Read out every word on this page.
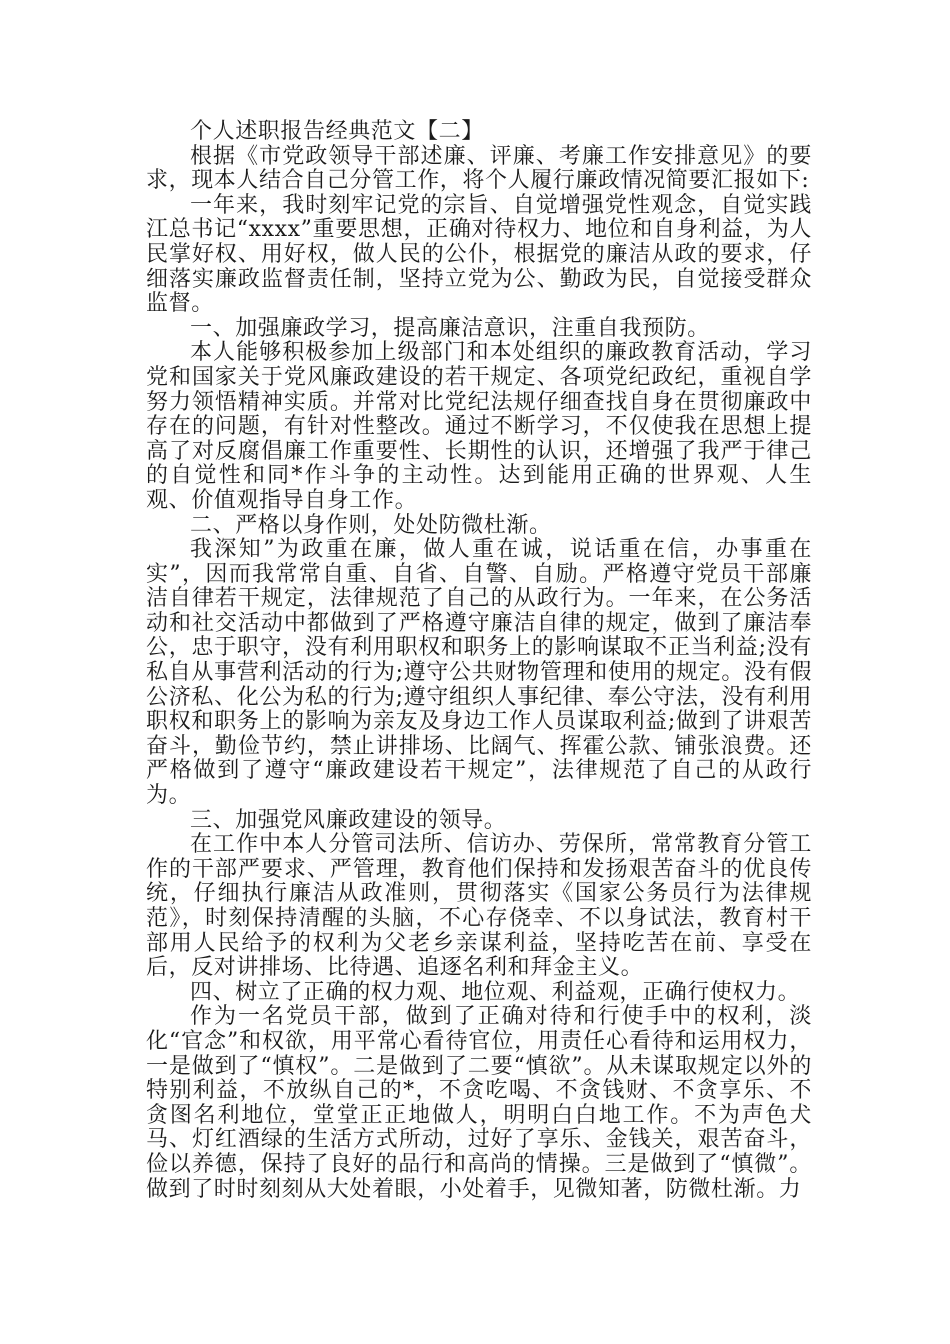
个人述职报告经典范文【二】

根据《市党政领导干部述廉、评廉、考廉工作安排意见》的要求，现本人结合自己分管工作，将个人履行廉政情况简要汇报如下:

一年来，我时刻牢记党的宗旨、自觉增强党性观念，自觉实践江总书记“xxxx”重要思想，正确对待权力、地位和自身利益，为人民掌好权、用好权，做人民的公仆，根据党的廉洁从政的要求，仔细落实廉政监督责任制，坚持立党为公、勤政为民，自觉接受群众监督。

一、加强廉政学习，提高廉洁意识，注重自我预防。

本人能够积极参加上级部门和本处组织的廉政教育活动，学习党和国家关于党风廉政建设的若干规定、各项党纪政纪，重视自学努力领悟精神实质。并常对比党纪法规仔细查找自身在贯彻廉政中存在的问题，有针对性整改。通过不断学习，不仅使我在思想上提高了对反腐倡廉工作重要性、长期性的认识，还增强了我严于律己的自觉性和同*作斗争的主动性。达到能用正确的世界观、人生观、价值观指导自身工作。

二、严格以身作则，处处防微杜渐。

我深知”为政重在廉，做人重在诚，说话重在信，办事重在实”，因而我常常自重、自省、自警、自励。严格遵守党员干部廉洁自律若干规定，法律规范了自己的从政行为。一年来，在公务活动和社交活动中都做到了严格遵守廉洁自律的规定，做到了廉洁奉公，忠于职守，没有利用职权和职务上的影响谋取不正当利益;没有私自从事营利活动的行为;遵守公共财物管理和使用的规定。没有假公济私、化公为私的行为;遵守组织人事纪律、奉公守法，没有利用职权和职务上的影响为亲友及身边工作人员谋取利益;做到了讲艰苦奋斗，勤俭节约，禁止讲排场、比阔气、挥霍公款、铺张浪费。还严格做到了遵守“廉政建设若干规定”，法律规范了自己的从政行为。

三、加强党风廉政建设的领导。

在工作中本人分管司法所、信访办、劳保所，常常教育分管工作的干部严要求、严管理，教育他们保持和发扬艰苦奋斗的优良传统，仔细执行廉洁从政准则，贯彻落实《国家公务员行为法律规范》，时刻保持清醒的头脑，不心存侥幸、不以身试法，教育村干部用人民给予的权利为父老乡亲谋利益，坚持吃苦在前、享受在后，反对讲排场、比待遇、追逐名利和拜金主义。

四、树立了正确的权力观、地位观、利益观，正确行使权力。

作为一名党员干部，做到了正确对待和行使手中的权利，淡化“官念”和权欲，用平常心看待官位，用责任心看待和运用权力，一是做到了“慎权”。二是做到了二要“慎欲”。从未谋取规定以外的特别利益，不放纵自己的*，不贪吃喝、不贪钱财、不贪享乐、不贪图名利地位，堂堂正正地做人，明明白白地工作。不为声色犬马、灯红酒绿的生活方式所动，过好了享乐、金钱关，艰苦奋斗，俭以养德，保持了良好的品行和高尚的情操。三是做到了“慎微”。做到了时时刻刻从大处着眼，小处着手，见微知著，防微杜渐。力
